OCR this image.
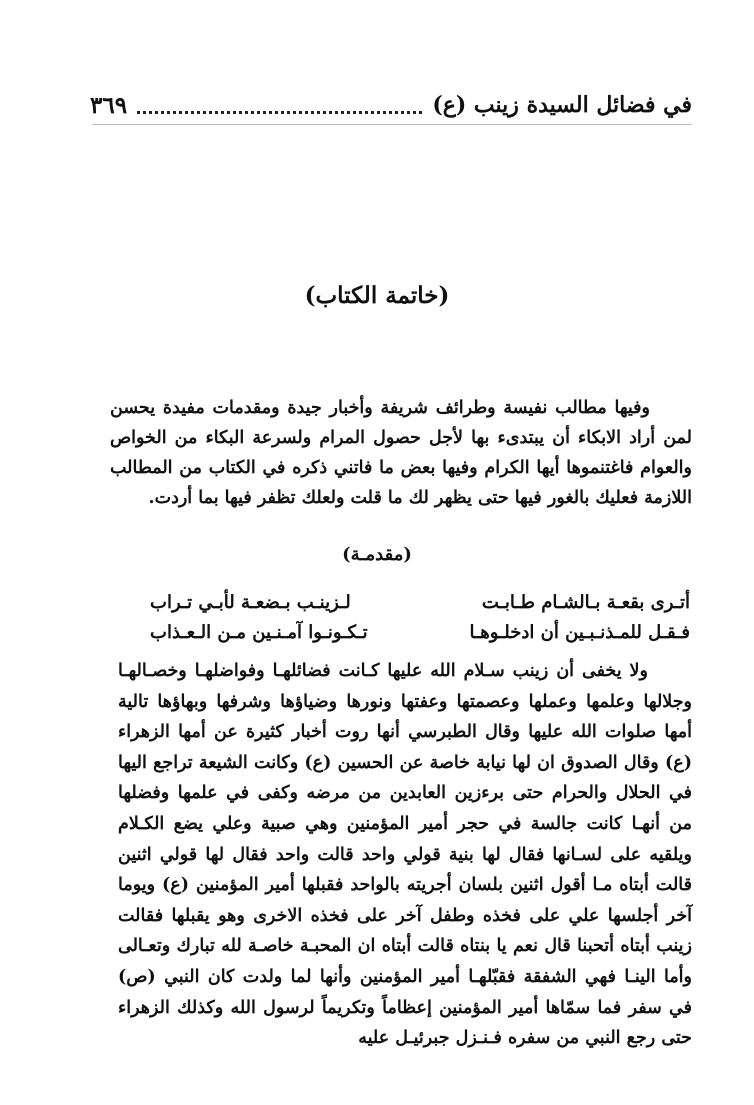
في فضائل السيدة زينب (ع)
٣٦٩
(خاتمة الكتاب)

وفيها مطالب نفيسة وطرائف شريفة وأخبار جيدة ومقدمات مفيدة يحسن لمن أراد الابكاء أن يبتدىء بها لأجل حصول المرام ولسرعة البكاء من الخواص والعوام فاغتنموها أيها الكرام وفيها بعض ما فاتني ذكره في الكتاب من المطالب اللازمة فعليك بالغور فيها حتى يظهر لك ما قلت ولعلك تظفر فيها بما أردت.

(مقدمـة)
أتـرى بقعـة بـالشـام طـابـت
لـزينـب بـضعـة لأبـي تـراب
فـقـل للمـذنـبـين أن ادخلـوهـا
تـكـونـوا آمـنـين مـن الـعـذاب

ولا يخفى أن زينب سـلام الله عليها كـانت فضائلهـا وفواضلهـا وخصـالهـا وجلالها وعلمها وعملها وعصمتها وعفتها ونورها وضياؤها وشرفها وبهاؤها تالية أمها صلوات الله عليها وقال الطبرسي أنها روت أخبار كثيرة عن أمها الزهراء (ع) وقال الصدوق ان لها نيابة خاصة عن الحسين (ع) وكانت الشيعة تراجع اليها في الحلال والحرام حتى برءزين العابدين من مرضه وكفى في علمها وفضلها من أنهـا كانت جالسة في حجر أمير المؤمنين وهي صبية وعلي يضع الكـلام ويلقيه على لسـانها فقال لها بنية قولي واحد قالت واحد فقال لها قولي اثنين قالت أبتاه مـا أقول اثنين بلسان أجريته بالواحد فقبلها أمير المؤمنين (ع) ويوما آخر أجلسها علي على فخذه وطفل آخر على فخذه الاخرى وهو يقبلها فقالت زينب أبتاه أتحبنا قال نعم يا بنتاه قالت أبتاه ان المحبـة خاصـة لله تبارك وتعـالى وأما الينـا فهي الشفقة فقبّلهـا أمير المؤمنين وأنها لما ولدت كان النبي (ص) في سفر فما سمّاها أمير المؤمنين إعظاماً وتكريماً لرسول الله وكذلك الزهراء حتى رجع النبي من سفره فـنـزل جبرئيـل عليه
